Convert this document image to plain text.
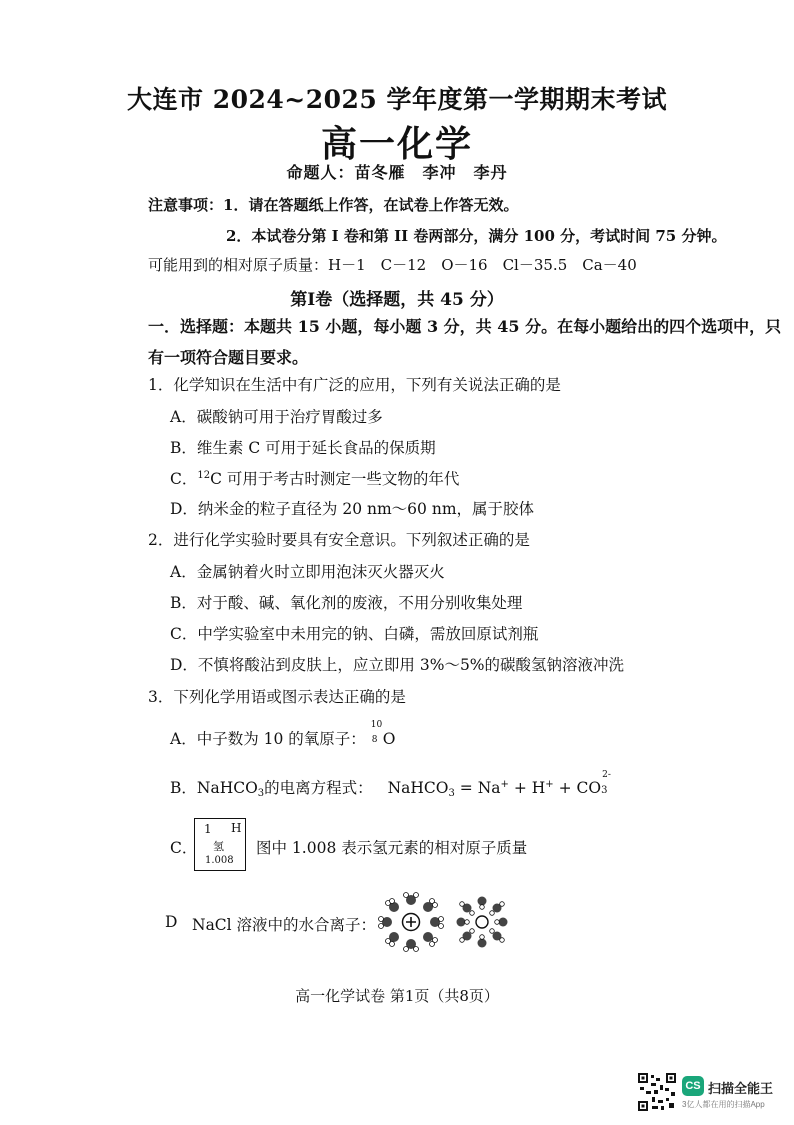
大连市 2024~2025 学年度第一学期期末考试
高一化学
命题人：苗冬雁　李冲　李丹
注意事项：1．请在答题纸上作答，在试卷上作答无效。
2．本试卷分第 I 卷和第 II 卷两部分，满分 100 分，考试时间 75 分钟。
可能用到的相对原子质量：H－1　C－12　O－16　Cl－35.5　Ca－40
第I卷（选择题，共 45 分）
一．选择题：本题共 15 小题，每小题 3 分，共 45 分。在每小题给出的四个选项中，只
有一项符合题目要求。
1．化学知识在生活中有广泛的应用，下列有关说法正确的是
A．碳酸钠可用于治疗胃酸过多
B．维生素 C 可用于延长食品的保质期
C．$^{12}$C 可用于考古时测定一些文物的年代
D．纳米金的粒子直径为 20 nm～60 nm，属于胶体
2．进行化学实验时要具有安全意识。下列叙述正确的是
A．金属钠着火时立即用泡沫灭火器灭火
B．对于酸、碱、氧化剂的废液，不用分别收集处理
C．中学实验室中未用完的钠、白磷，需放回原试剂瓶
D．不慎将酸沾到皮肤上，应立即用 3%～5%的碳酸氢钠溶液冲洗
3．下列化学用语或图示表达正确的是
A．中子数为 10 的氧原子：
10
8 O
B．NaHCO$_3$的电离方程式： NaHCO$_3$ = Na+ + H+ + CO
2-
3
C．
1 H
氢
1.008
图中 1.008 表示氢元素的相对原子质量
D NaCl 溶液中的水合离子：
高一化学试卷 第1页（共8页）
CS 扫描全能王
3亿人都在用的扫描App
